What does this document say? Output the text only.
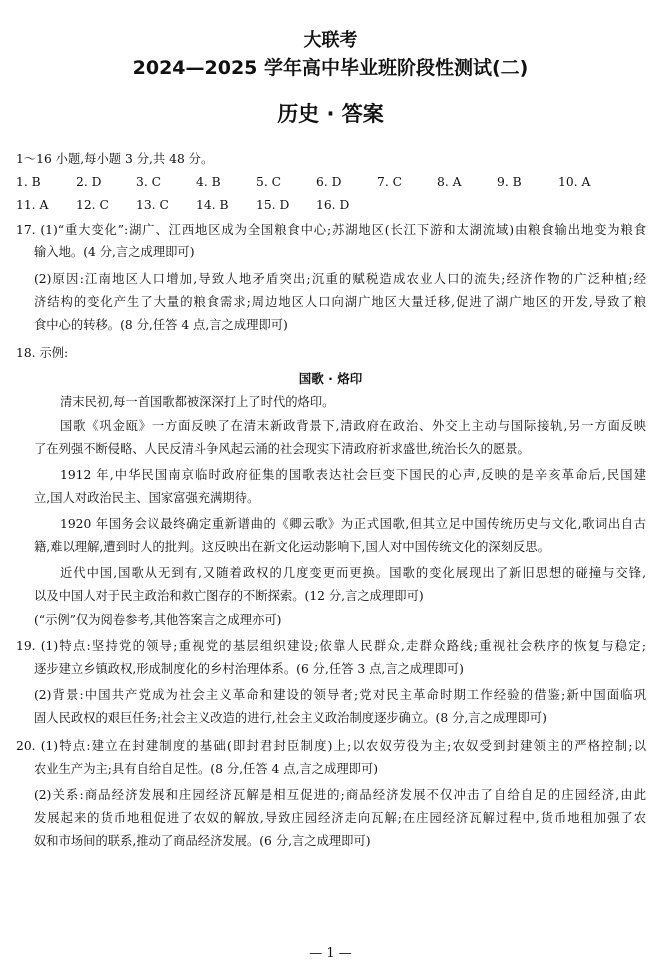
大联考
2024—2025 学年高中毕业班阶段性测试(二)
历史 · 答案
1～16 小题,每小题 3 分,共 48 分。
1. B	2. D	3. C	4. B	5. C	6. D	7. C	8. A	9. B	10. A
11. A 12. C 13. C 14. B 15. D 16. D
17. (1)“重大变化”:湖广、江西地区成为全国粮食中心;苏湖地区(长江下游和太湖流域)由粮食输出地变为粮食
输入地。(4 分,言之成理即可)
(2)原因:江南地区人口增加,导致人地矛盾突出;沉重的赋税造成农业人口的流失;经济作物的广泛种植;经
济结构的变化产生了大量的粮食需求;周边地区人口向湖广地区大量迁移,促进了湖广地区的开发,导致了粮
食中心的转移。(8 分,任答 4 点,言之成理即可)
18. 示例:
国歌 · 烙印
清末民初,每一首国歌都被深深打上了时代的烙印。
国歌《巩金瓯》一方面反映了在清末新政背景下,清政府在政治、外交上主动与国际接轨,另一方面反映
了在列强不断侵略、人民反清斗争风起云涌的社会现实下清政府祈求盛世,统治长久的愿景。
1912 年,中华民国南京临时政府征集的国歌表达社会巨变下国民的心声,反映的是辛亥革命后,民国建
立,国人对政治民主、国家富强充满期待。
1920 年国务会议最终确定重新谱曲的《卿云歌》为正式国歌,但其立足中国传统历史与文化,歌词出自古
籍,难以理解,遭到时人的批判。这反映出在新文化运动影响下,国人对中国传统文化的深刻反思。
近代中国,国歌从无到有,又随着政权的几度变更而更换。国歌的变化展现出了新旧思想的碰撞与交锋,
以及中国人对于民主政治和救亡图存的不断探索。(12 分,言之成理即可)
(“示例”仅为阅卷参考,其他答案言之成理亦可)
19. (1)特点:坚持党的领导;重视党的基层组织建设;依靠人民群众,走群众路线;重视社会秩序的恢复与稳定;
逐步建立乡镇政权,形成制度化的乡村治理体系。(6 分,任答 3 点,言之成理即可)
(2)背景:中国共产党成为社会主义革命和建设的领导者;党对民主革命时期工作经验的借鉴;新中国面临巩
固人民政权的艰巨任务;社会主义改造的进行,社会主义政治制度逐步确立。(8 分,言之成理即可)
20. (1)特点:建立在封建制度的基础(即封君封臣制度)上;以农奴劳役为主;农奴受到封建领主的严格控制;以
农业生产为主;具有自给自足性。(8 分,任答 4 点,言之成理即可)
(2)关系:商品经济发展和庄园经济瓦解是相互促进的;商品经济发展不仅冲击了自给自足的庄园经济,由此
发展起来的货币地租促进了农奴的解放,导致庄园经济走向瓦解;在庄园经济瓦解过程中,货币地租加强了农
奴和市场间的联系,推动了商品经济发展。(6 分,言之成理即可)
— 1 —
